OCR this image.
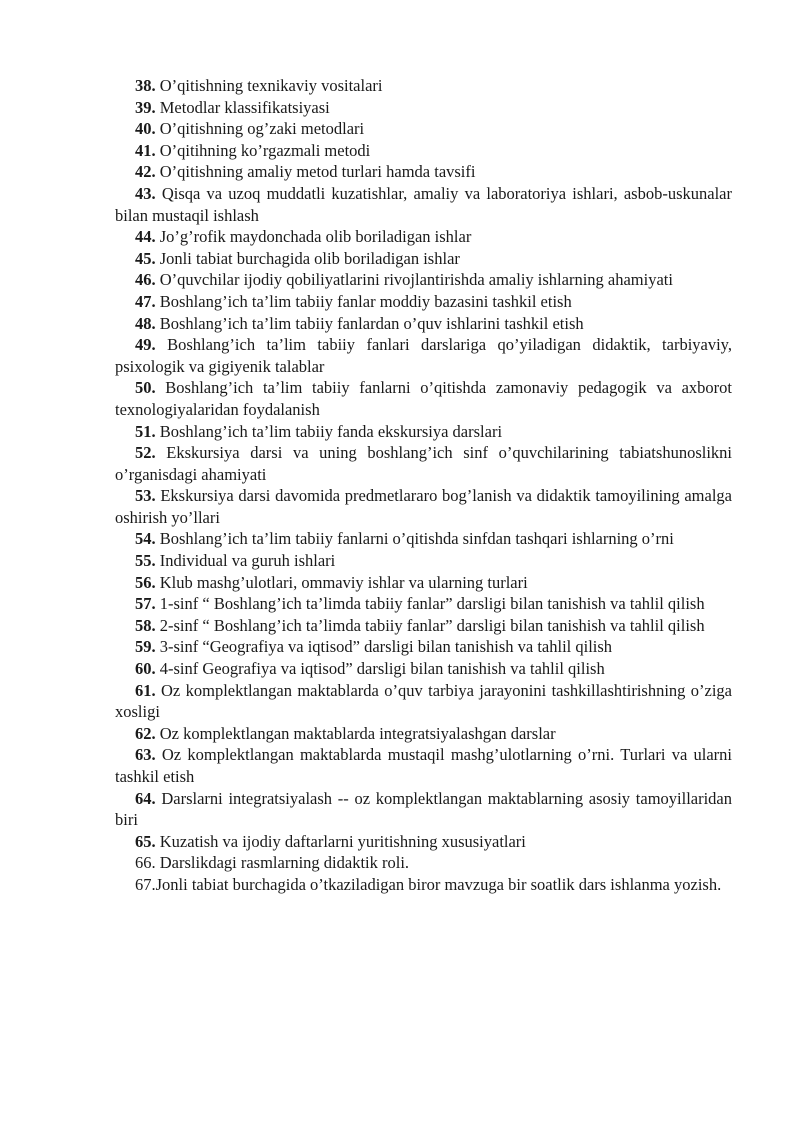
38. O’qitishning texnikaviy vositalari

39. Metodlar klassifikatsiyasi

40. O’qitishning og’zaki metodlari

41. O’qitihning ko’rgazmali metodi

42. O’qitishning amaliy metod turlari hamda tavsifi

43. Qisqa va uzoq muddatli kuzatishlar, amaliy va laboratoriya ishlari, asbob-uskunalar bilan mustaqil ishlash

44. Jo’g’rofik maydonchada olib boriladigan ishlar

45. Jonli tabiat burchagida olib boriladigan ishlar

46. O’quvchilar ijodiy qobiliyatlarini rivojlantirishda amaliy ishlarning ahamiyati

47. Boshlang’ich ta’lim tabiiy fanlar moddiy bazasini tashkil etish

48. Boshlang’ich ta’lim tabiiy fanlardan o’quv ishlarini tashkil etish

49. Boshlang’ich ta’lim tabiiy fanlari darslariga qo’yiladigan didaktik, tarbiyaviy, psixologik va gigiyenik talablar

50. Boshlang’ich ta’lim tabiiy fanlarni o’qitishda zamonaviy pedagogik va axborot texnologiyalaridan foydalanish

51. Boshlang’ich ta’lim tabiiy fanda ekskursiya darslari

52. Ekskursiya darsi va uning boshlang’ich sinf o’quvchilarining tabiatshunoslikni o’rganisdagi ahamiyati

53. Ekskursiya darsi davomida predmetlararo bog’lanish va didaktik tamoyilining amalga oshirish yo’llari

54. Boshlang’ich ta’lim tabiiy fanlarni o’qitishda sinfdan tashqari ishlarning o’rni

55. Individual va guruh ishlari

56. Klub mashg’ulotlari, ommaviy ishlar va ularning turlari

57. 1-sinf “ Boshlang’ich ta’limda tabiiy fanlar” darsligi bilan tanishish va tahlil qilish

58. 2-sinf “ Boshlang’ich ta’limda tabiiy fanlar” darsligi bilan tanishish va tahlil qilish

59. 3-sinf “Geografiya va iqtisod” darsligi bilan tanishish va tahlil qilish

60. 4-sinf Geografiya va iqtisod” darsligi bilan tanishish va tahlil qilish

61. Oz komplektlangan maktablarda o’quv tarbiya jarayonini tashkillashtirishning o’ziga xosligi

62. Oz komplektlangan maktablarda integratsiyalashgan darslar

63. Oz komplektlangan maktablarda mustaqil mashg’ulotlarning o’rni. Turlari va ularni tashkil etish

64. Darslarni integratsiyalash -- oz komplektlangan maktablarning asosiy tamoyillaridan biri

65. Kuzatish va ijodiy daftarlarni yuritishning xususiyatlari

66. Darslikdagi rasmlarning didaktik roli.

67.Jonli tabiat burchagida o’tkaziladigan biror mavzuga bir soatlik dars ishlanma yozish.
